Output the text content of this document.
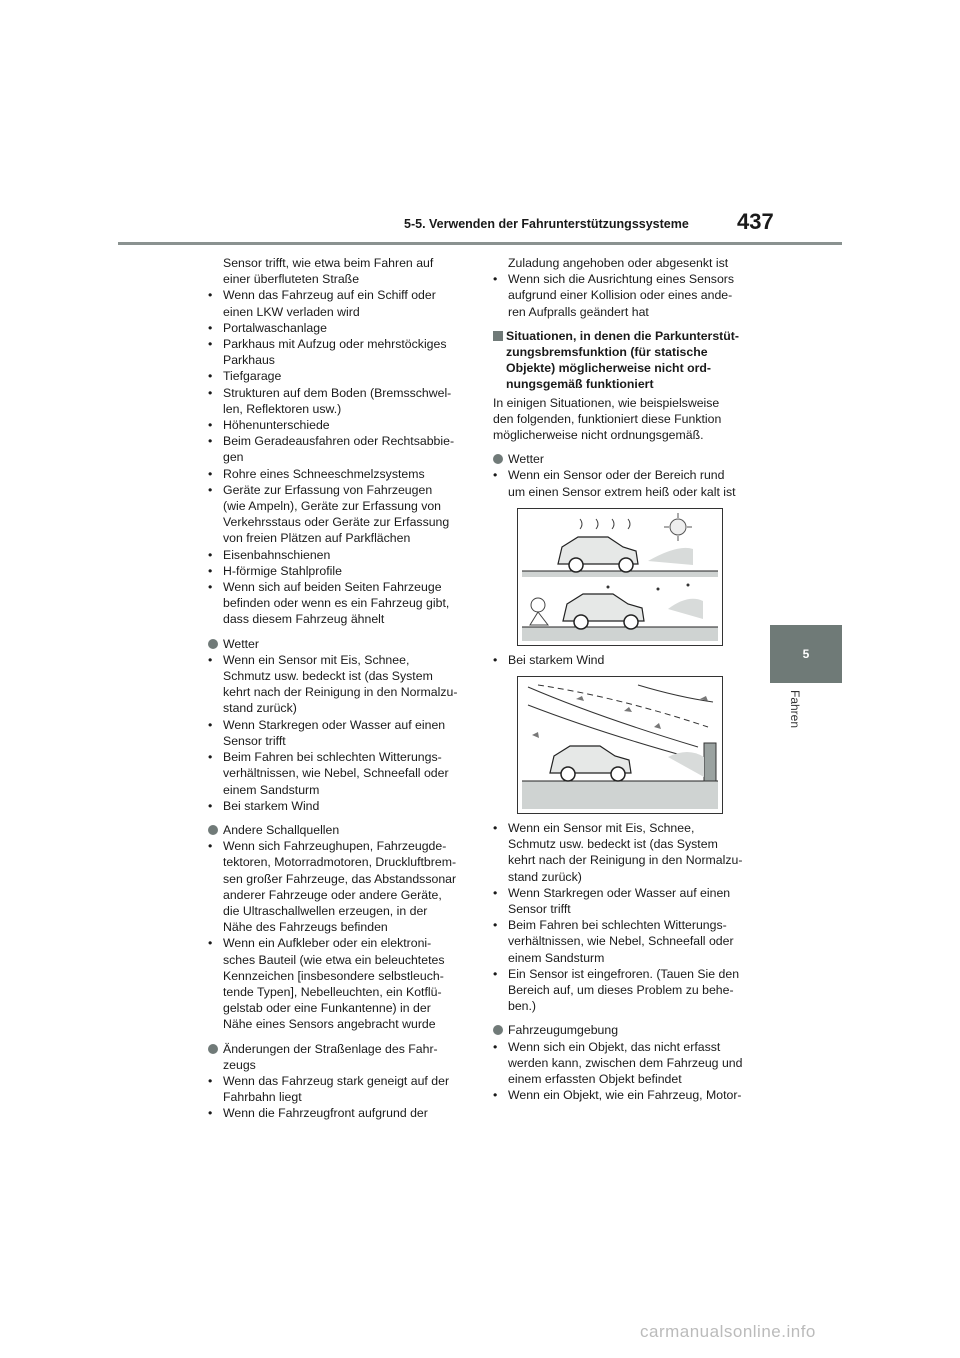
5-5. Verwenden der Fahrunterstützungssysteme 437
5
Fahren
Sensor trifft, wie etwa beim Fahren auf
einer überfluteten Straße
• Wenn das Fahrzeug auf ein Schiff oder
einen LKW verladen wird
• Portalwaschanlage
• Parkhaus mit Aufzug oder mehrstöckiges
Parkhaus
• Tiefgarage
• Strukturen auf dem Boden (Bremsschwel-
len, Reflektoren usw.)
• Höhenunterschiede
• Beim Geradeausfahren oder Rechtsabbie-
gen
• Rohre eines Schneeschmelzsystems
• Geräte zur Erfassung von Fahrzeugen
(wie Ampeln), Geräte zur Erfassung von
Verkehrsstaus oder Geräte zur Erfassung
von freien Plätzen auf Parkflächen
• Eisenbahnschienen
• H-förmige Stahlprofile
• Wenn sich auf beiden Seiten Fahrzeuge
befinden oder wenn es ein Fahrzeug gibt,
dass diesem Fahrzeug ähnelt
Wetter
• Wenn ein Sensor mit Eis, Schnee,
Schmutz usw. bedeckt ist (das System
kehrt nach der Reinigung in den Normalzu-
stand zurück)
• Wenn Starkregen oder Wasser auf einen
Sensor trifft
• Beim Fahren bei schlechten Witterungs-
verhältnissen, wie Nebel, Schneefall oder
einem Sandsturm
• Bei starkem Wind
Andere Schallquellen
• Wenn sich Fahrzeughupen, Fahrzeugde-
tektoren, Motorradmotoren, Druckluftbrem-
sen großer Fahrzeuge, das Abstandssonar
anderer Fahrzeuge oder andere Geräte,
die Ultraschallwellen erzeugen, in der
Nähe des Fahrzeugs befinden
• Wenn ein Aufkleber oder ein elektroni-
sches Bauteil (wie etwa ein beleuchtetes
Kennzeichen [insbesondere selbstleuch-
tende Typen], Nebelleuchten, ein Kotflü-
gelstab oder eine Funkantenne) in der
Nähe eines Sensors angebracht wurde
Änderungen der Straßenlage des Fahr-
zeugs
• Wenn das Fahrzeug stark geneigt auf der
Fahrbahn liegt
• Wenn die Fahrzeugfront aufgrund der
Zuladung angehoben oder abgesenkt ist
• Wenn sich die Ausrichtung eines Sensors
aufgrund einer Kollision oder eines ande-
ren Aufpralls geändert hat
Situationen, in denen die Parkunterstüt-
zungsbremsfunktion (für statische
Objekte) möglicherweise nicht ord-
nungsgemäß funktioniert
In einigen Situationen, wie beispielsweise
den folgenden, funktioniert diese Funktion
möglicherweise nicht ordnungsgemäß.
Wetter
• Wenn ein Sensor oder der Bereich rund
um einen Sensor extrem heiß oder kalt ist
• Bei starkem Wind
• Wenn ein Sensor mit Eis, Schnee,
Schmutz usw. bedeckt ist (das System
kehrt nach der Reinigung in den Normalzu-
stand zurück)
• Wenn Starkregen oder Wasser auf einen
Sensor trifft
• Beim Fahren bei schlechten Witterungs-
verhältnissen, wie Nebel, Schneefall oder
einem Sandsturm
• Ein Sensor ist eingefroren. (Tauen Sie den
Bereich auf, um dieses Problem zu behe-
ben.)
Fahrzeugumgebung
• Wenn sich ein Objekt, das nicht erfasst
werden kann, zwischen dem Fahrzeug und
einem erfassten Objekt befindet
• Wenn ein Objekt, wie ein Fahrzeug, Motor-
carmanualsonline.info
